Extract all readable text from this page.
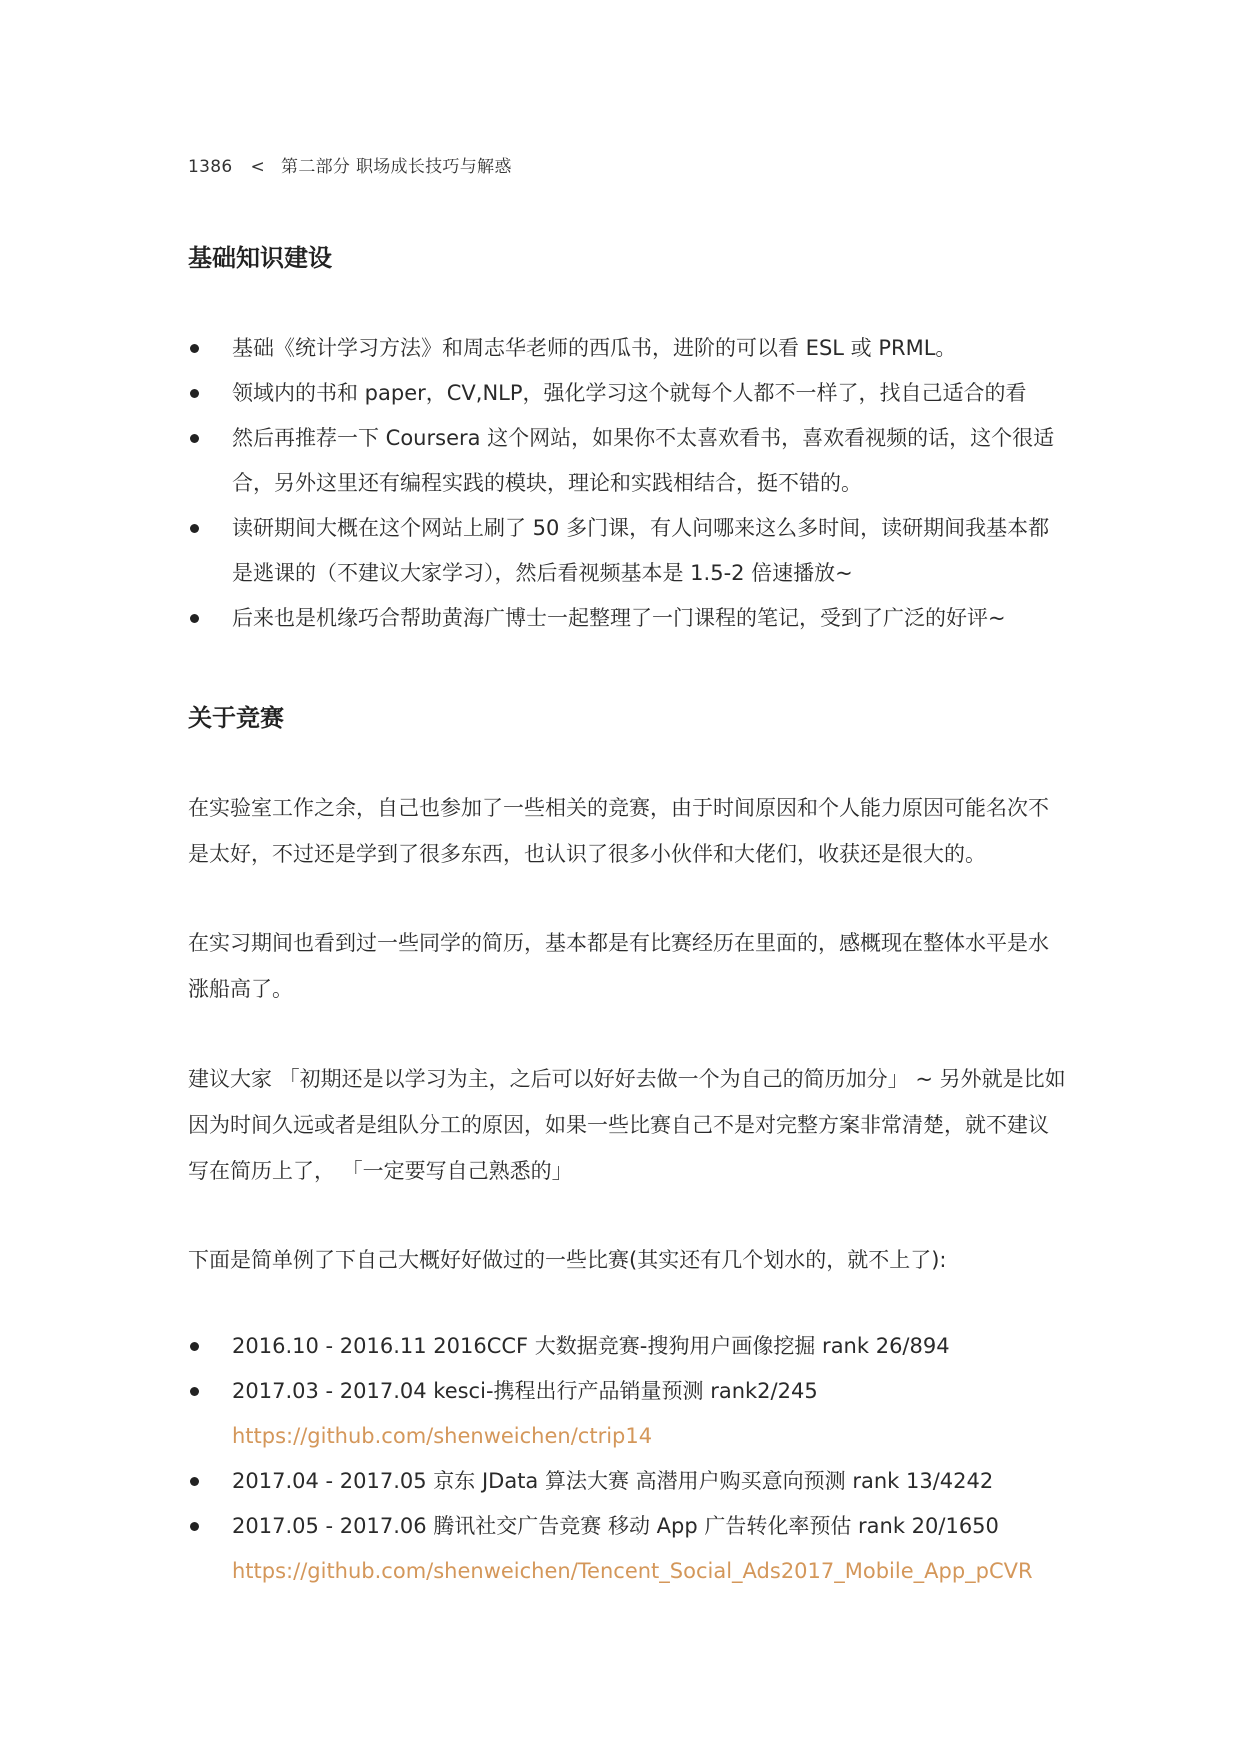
1386 < 第二部分 职场成长技巧与解惑
基础知识建设
基础《统计学习方法》和周志华老师的西瓜书，进阶的可以看 ESL 或 PRML。
领域内的书和 paper，CV,NLP，强化学习这个就每个人都不一样了，找自己适合的看
然后再推荐一下 Coursera 这个网站，如果你不太喜欢看书，喜欢看视频的话，这个很适合，另外这里还有编程实践的模块，理论和实践相结合，挺不错的。
读研期间大概在这个网站上刷了 50 多门课，有人问哪来这么多时间，读研期间我基本都是逃课的（不建议大家学习），然后看视频基本是 1.5-2 倍速播放~
后来也是机缘巧合帮助黄海广博士一起整理了一门课程的笔记，受到了广泛的好评~
关于竞赛

在实验室工作之余，自己也参加了一些相关的竞赛，由于时间原因和个人能力原因可能名次不是太好，不过还是学到了很多东西，也认识了很多小伙伴和大佬们，收获还是很大的。

在实习期间也看到过一些同学的简历，基本都是有比赛经历在里面的，感概现在整体水平是水涨船高了。

建议大家 「初期还是以学习为主，之后可以好好去做一个为自己的简历加分」 ~ 另外就是比如因为时间久远或者是组队分工的原因，如果一些比赛自己不是对完整方案非常清楚，就不建议写在简历上了， 「一定要写自己熟悉的」

下面是简单例了下自己大概好好做过的一些比赛(其实还有几个划水的，就不上了):

2016.10 - 2016.11 2016CCF 大数据竞赛-搜狗用户画像挖掘 rank 26/894
2017.03 - 2017.04 kesci-携程出行产品销量预测 rank2/245
https://github.com/shenweichen/ctrip14
2017.04 - 2017.05 京东 JData 算法大赛 高潜用户购买意向预测 rank 13/4242
2017.05 - 2017.06 腾讯社交广告竞赛 移动 App 广告转化率预估 rank 20/1650
https://github.com/shenweichen/Tencent_Social_Ads2017_Mobile_App_pCVR
